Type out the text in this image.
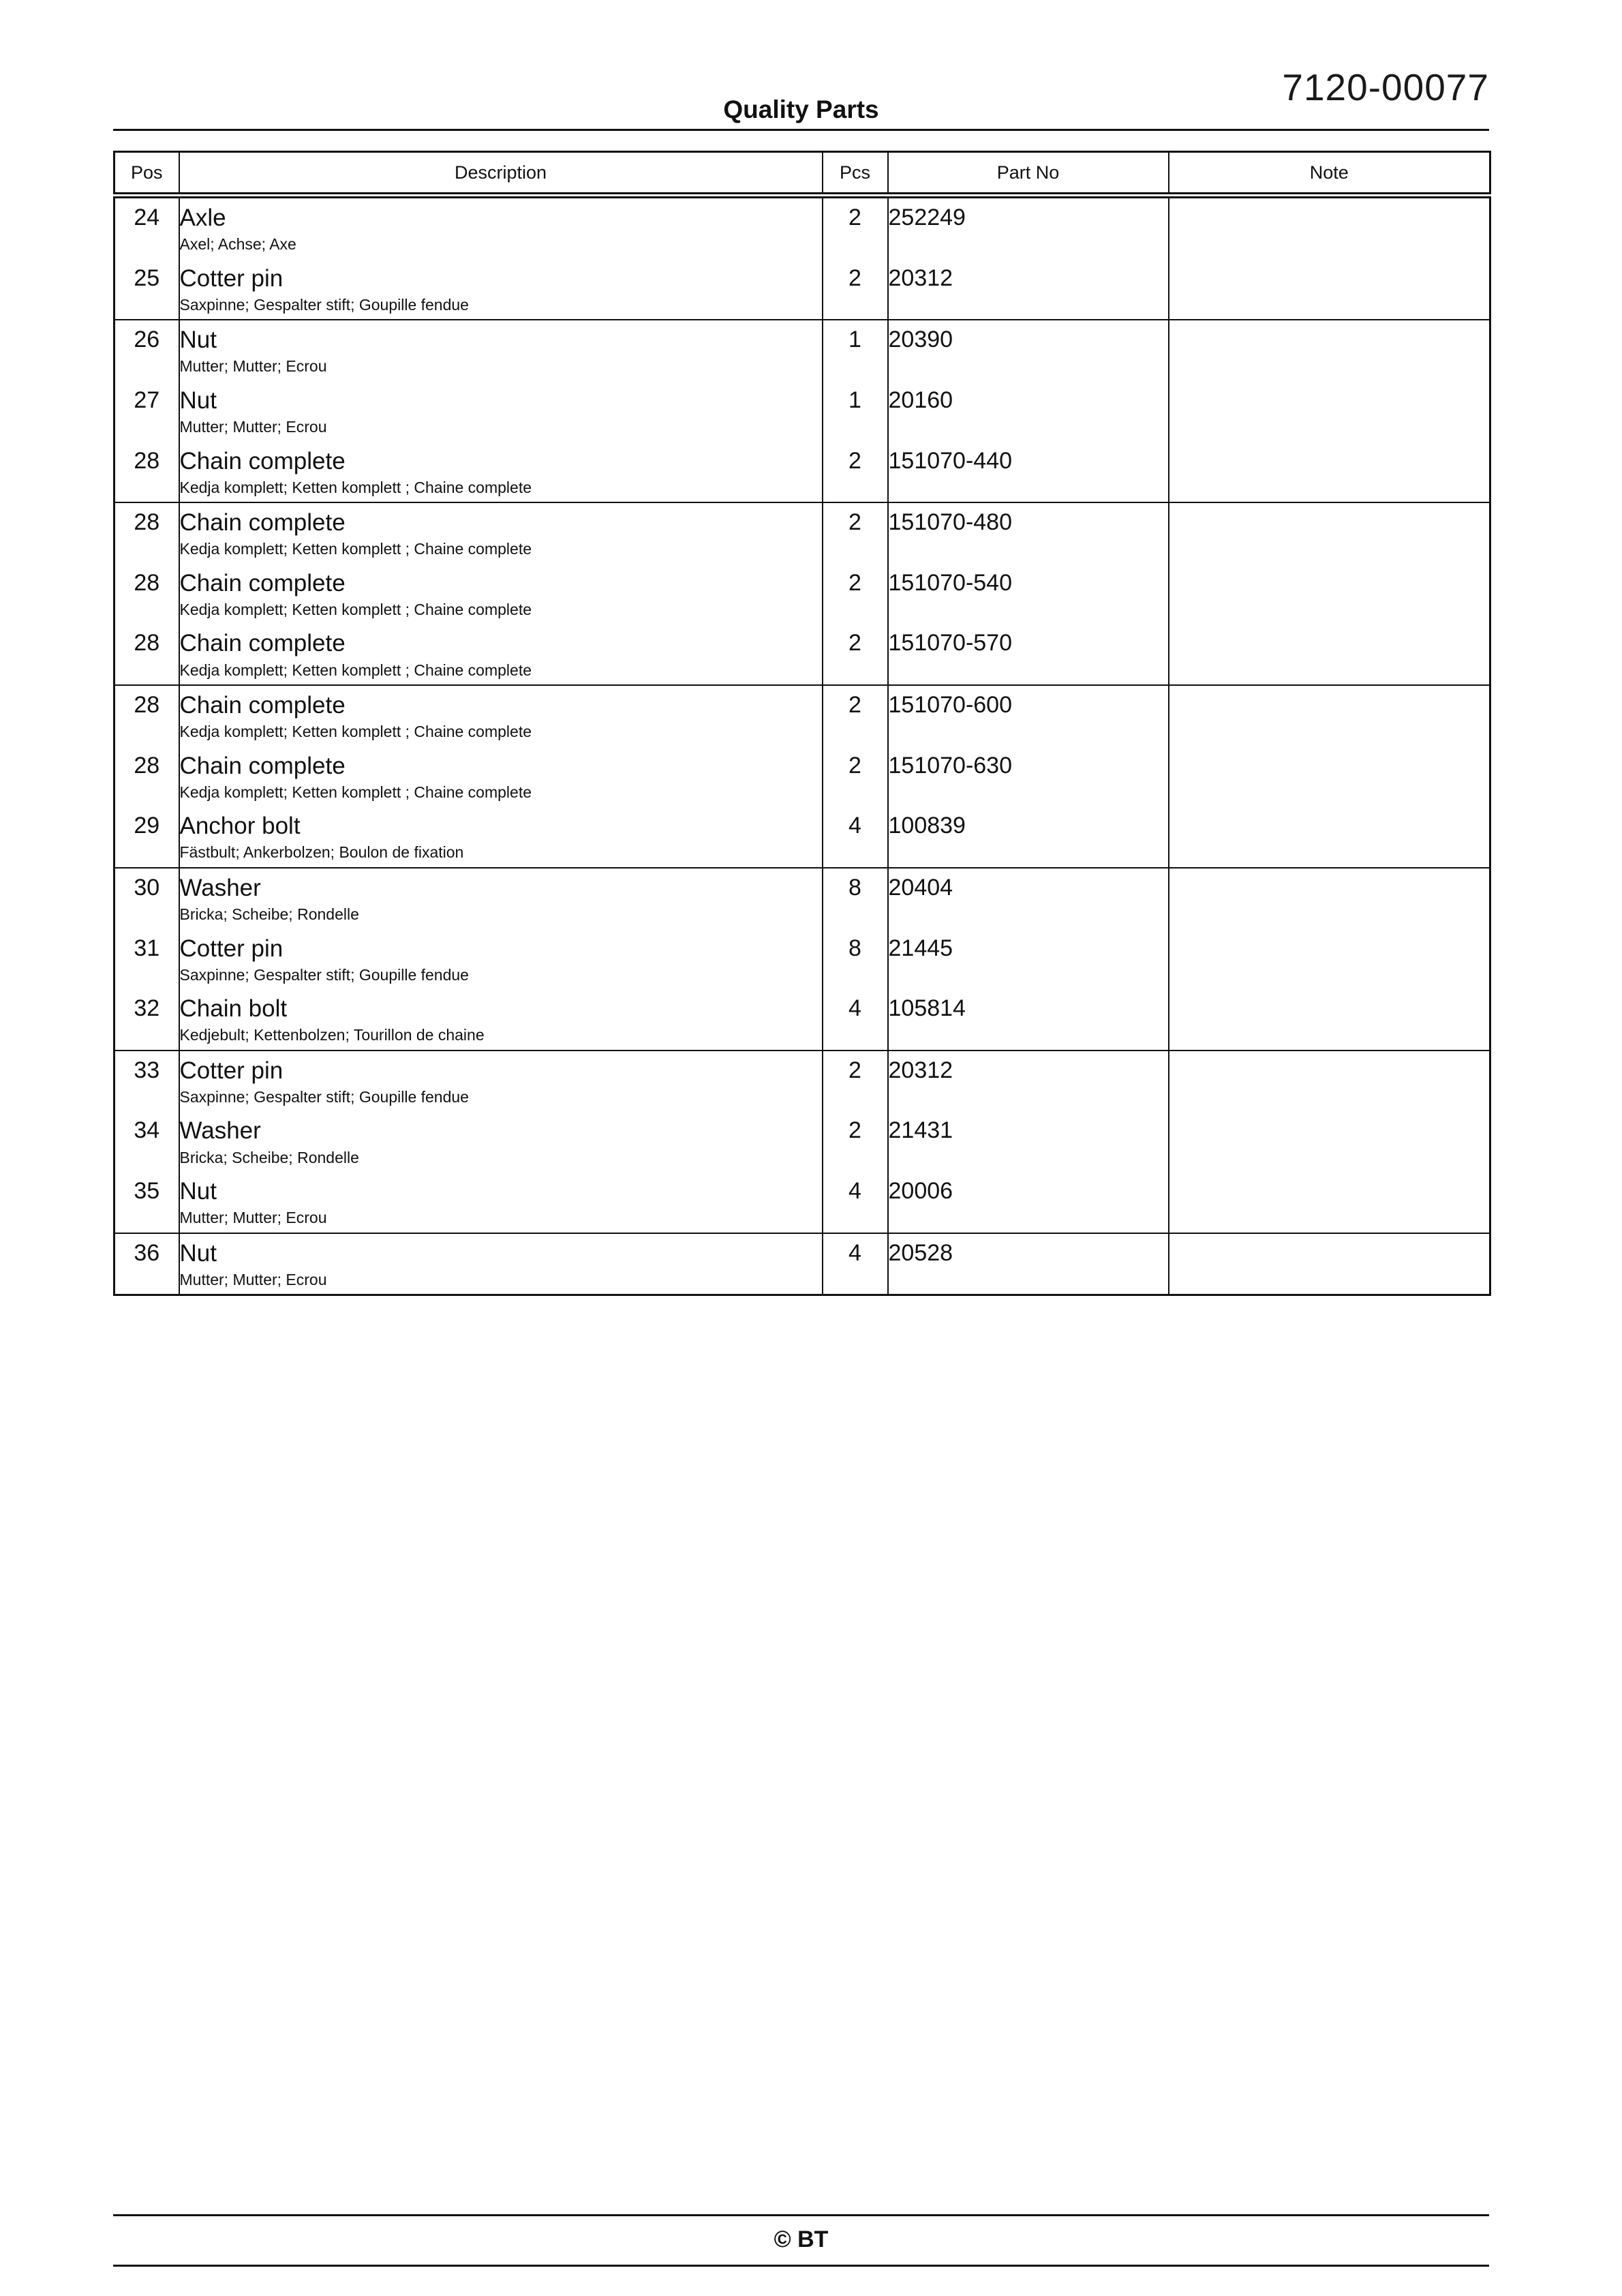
7120-00077
Quality Parts
Pos	Description	Pcs	Part No	Note
24	Axle
Axel; Achse; Axe	2	252249	
25	Cotter pin
Saxpinne; Gespalter stift; Goupille fendue	2	20312	
26	Nut
Mutter; Mutter; Ecrou	1	20390	
27	Nut
Mutter; Mutter; Ecrou	1	20160	
28	Chain complete
Kedja komplett; Ketten komplett ; Chaine complete	2	151070-440	
28	Chain complete
Kedja komplett; Ketten komplett ; Chaine complete	2	151070-480	
28	Chain complete
Kedja komplett; Ketten komplett ; Chaine complete	2	151070-540	
28	Chain complete
Kedja komplett; Ketten komplett ; Chaine complete	2	151070-570	
28	Chain complete
Kedja komplett; Ketten komplett ; Chaine complete	2	151070-600	
28	Chain complete
Kedja komplett; Ketten komplett ; Chaine complete	2	151070-630	
29	Anchor bolt
Fästbult; Ankerbolzen; Boulon de fixation	4	100839	
30	Washer
Bricka; Scheibe; Rondelle	8	20404	
31	Cotter pin
Saxpinne; Gespalter stift; Goupille fendue	8	21445	
32	Chain bolt
Kedjebult; Kettenbolzen; Tourillon de chaine	4	105814	
33	Cotter pin
Saxpinne; Gespalter stift; Goupille fendue	2	20312	
34	Washer
Bricka; Scheibe; Rondelle	2	21431	
35	Nut
Mutter; Mutter; Ecrou	4	20006	
36	Nut
Mutter; Mutter; Ecrou	4	20528	
© BT
